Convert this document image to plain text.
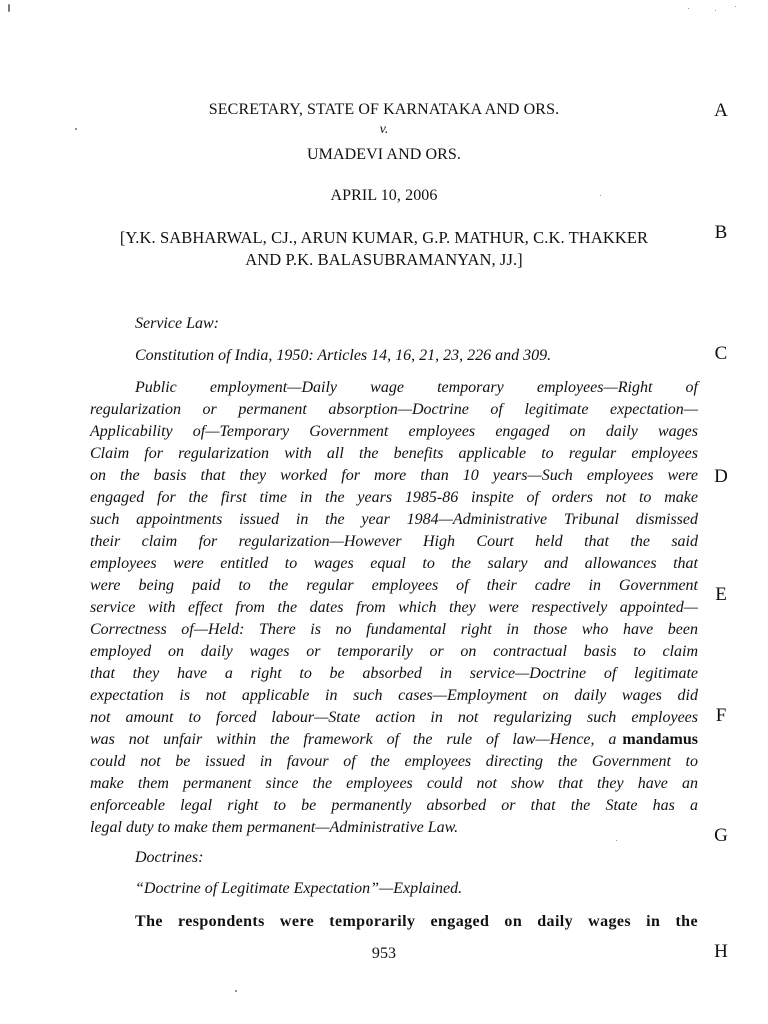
SECRETARY, STATE OF KARNATAKA AND ORS.
v.
UMADEVI AND ORS.
APRIL 10, 2006
[Y.K. SABHARWAL, CJ., ARUN KUMAR, G.P. MATHUR, C.K. THAKKER
AND P.K. BALASUBRAMANYAN, JJ.]
A
B
C
D
E
F
G
H
Service Law:
Constitution of India, 1950: Articles 14, 16, 21, 23, 226 and 309.
Public employment—Daily wage temporary employees—Right of
regularization or permanent absorption—Doctrine of legitimate expectation—
Applicability of—Temporary Government employees engaged on daily wages
Claim for regularization with all the benefits applicable to regular employees
on the basis that they worked for more than 10 years—Such employees were
engaged for the first time in the years 1985-86 inspite of orders not to make
such appointments issued in the year 1984—Administrative Tribunal dismissed
their claim for regularization—However High Court held that the said
employees were entitled to wages equal to the salary and allowances that
were being paid to the regular employees of their cadre in Government
service with effect from the dates from which they were respectively appointed—
Correctness of—Held: There is no fundamental right in those who have been
employed on daily wages or temporarily or on contractual basis to claim
that they have a right to be absorbed in service—Doctrine of legitimate
expectation is not applicable in such cases—Employment on daily wages did
not amount to forced labour—State action in not regularizing such employees
was not unfair within the framework of the rule of law—Hence, a mandamus
could not be issued in favour of the employees directing the Government to
make them permanent since the employees could not show that they have an
enforceable legal right to be permanently absorbed or that the State has a
legal duty to make them permanent—Administrative Law.
Doctrines:
“Doctrine of Legitimate Expectation”—Explained.
The respondents were temporarily engaged on daily wages in the
953
